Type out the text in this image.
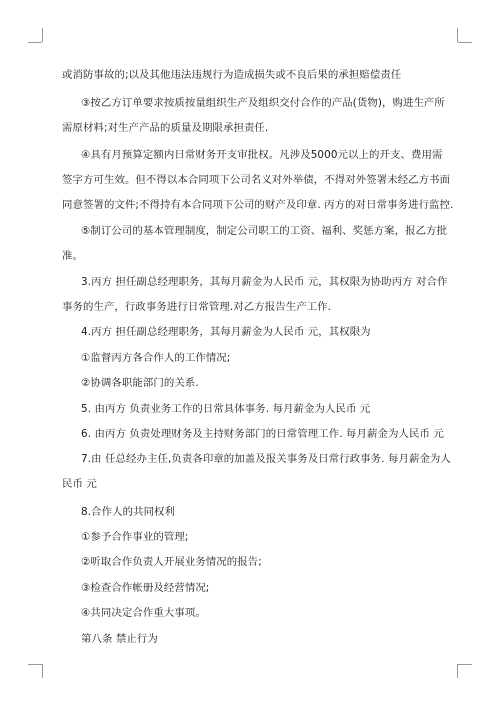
或消防事故的;以及其他违法违规行为造成损失或不良后果的承担赔偿责任
③按乙方订单要求按质按量组织生产及组织交付合作的产品(货物)，购进生产所
需原材料;对生产产品的质量及期限承担责任.
④具有月预算定额内日常财务开支审批权。凡涉及5000元以上的开支、费用需
签字方可生效。但不得以本合同项下公司名义对外举债，不得对外签署未经乙方书面
同意签署的文件;不得持有本合同项下公司的财产及印章. 丙方的对日常事务进行监控.
⑤制订公司的基本管理制度，制定公司职工的工资、福利、奖惩方案，报乙方批
准。
3.丙方 担任副总经理职务，其每月薪金为人民币 元，其权限为协助丙方 对合作
事务的生产，行政事务进行日常管理.对乙方报告生产工作.
4.丙方 担任副总经理职务，其每月薪金为人民币 元，其权限为
①监督丙方各合作人的工作情况;
②协调各职能部门的关系.
5. 由丙方 负责业务工作的日常具体事务. 每月薪金为人民币 元
6. 由丙方 负责处理财务及主持财务部门的日常管理工作. 每月薪金为人民币 元
7.由 任总经办主任,负责各印章的加盖及报关事务及日常行政事务. 每月薪金为人
民币 元
8.合作人的共同权利
①参予合作事业的管理;
②听取合作负责人开展业务情况的报告;
③检查合作帐册及经营情况;
④共同决定合作重大事项。
第八条 禁止行为
